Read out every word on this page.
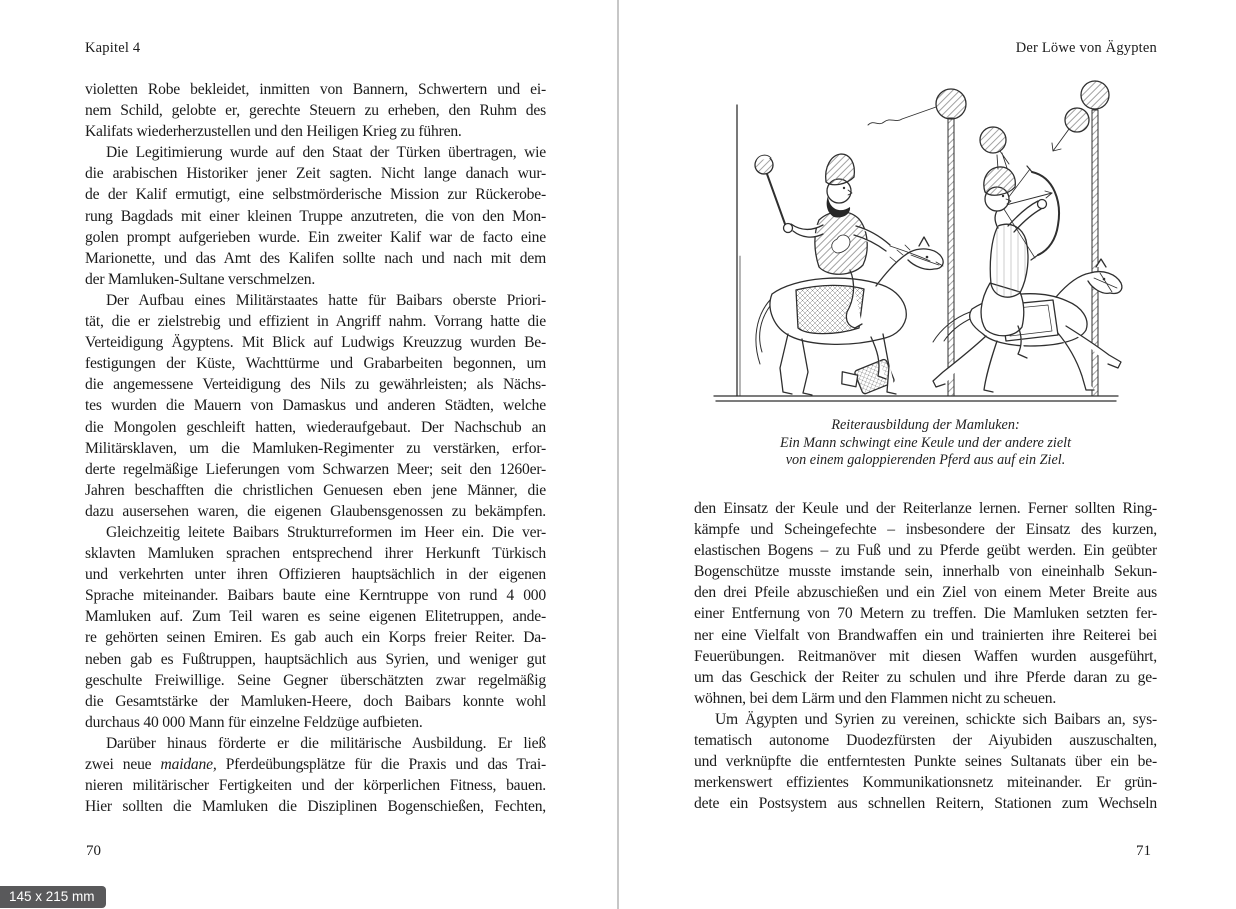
Kapitel 4
violetten Robe bekleidet, inmitten von Bannern, Schwertern und ei-
nem Schild, gelobte er, gerechte Steuern zu erheben, den Ruhm des
Kalifats wiederherzustellen und den Heiligen Krieg zu führen.
Die Legitimierung wurde auf den Staat der Türken übertragen, wie
die arabischen Historiker jener Zeit sagten. Nicht lange danach wur-
de der Kalif ermutigt, eine selbstmörderische Mission zur Rückerobe-
rung Bagdads mit einer kleinen Truppe anzutreten, die von den Mon-
golen prompt aufgerieben wurde. Ein zweiter Kalif war de facto eine
Marionette, und das Amt des Kalifen sollte nach und nach mit dem
der Mamluken-Sultane verschmelzen.
Der Aufbau eines Militärstaates hatte für Baibars oberste Priori-
tät, die er zielstrebig und effizient in Angriff nahm. Vorrang hatte die
Verteidigung Ägyptens. Mit Blick auf Ludwigs Kreuzzug wurden Be-
festigungen der Küste, Wachttürme und Grabarbeiten begonnen, um
die angemessene Verteidigung des Nils zu gewährleisten; als Nächs-
tes wurden die Mauern von Damaskus und anderen Städten, welche
die Mongolen geschleift hatten, wiederaufgebaut. Der Nachschub an
Militärsklaven, um die Mamluken-Regimenter zu verstärken, erfor-
derte regelmäßige Lieferungen vom Schwarzen Meer; seit den 1260er-
Jahren beschafften die christlichen Genuesen eben jene Männer, die
dazu ausersehen waren, die eigenen Glaubensgenossen zu bekämpfen.
Gleichzeitig leitete Baibars Strukturreformen im Heer ein. Die ver-
sklavten Mamluken sprachen entsprechend ihrer Herkunft Türkisch
und verkehrten unter ihren Offizieren hauptsächlich in der eigenen
Sprache miteinander. Baibars baute eine Kerntruppe von rund 4 000
Mamluken auf. Zum Teil waren es seine eigenen Elitetruppen, ande-
re gehörten seinen Emiren. Es gab auch ein Korps freier Reiter. Da-
neben gab es Fußtruppen, hauptsächlich aus Syrien, und weniger gut
geschulte Freiwillige. Seine Gegner überschätzten zwar regelmäßig
die Gesamtstärke der Mamluken-Heere, doch Baibars konnte wohl
durchaus 40 000 Mann für einzelne Feldzüge aufbieten.
Darüber hinaus förderte er die militärische Ausbildung. Er ließ
zwei neue maidane, Pferdeübungsplätze für die Praxis und das Trai-
nieren militärischer Fertigkeiten und der körperlichen Fitness, bauen.
Hier sollten die Mamluken die Disziplinen Bogenschießen, Fechten,
70
Der Löwe von Ägypten
Reiterausbildung der Mamluken:
Ein Mann schwingt eine Keule und der andere zielt
von einem galoppierenden Pferd aus auf ein Ziel.
den Einsatz der Keule und der Reiterlanze lernen. Ferner sollten Ring-
kämpfe und Scheingefechte – insbesondere der Einsatz des kurzen,
elastischen Bogens – zu Fuß und zu Pferde geübt werden. Ein geübter
Bogenschütze musste imstande sein, innerhalb von eineinhalb Sekun-
den drei Pfeile abzuschießen und ein Ziel von einem Meter Breite aus
einer Entfernung von 70 Metern zu treffen. Die Mamluken setzten fer-
ner eine Vielfalt von Brandwaffen ein und trainierten ihre Reiterei bei
Feuerübungen. Reitmanöver mit diesen Waffen wurden ausgeführt,
um das Geschick der Reiter zu schulen und ihre Pferde daran zu ge-
wöhnen, bei dem Lärm und den Flammen nicht zu scheuen.
Um Ägypten und Syrien zu vereinen, schickte sich Baibars an, sys-
tematisch autonome Duodezfürsten der Aiyubiden auszuschalten,
und verknüpfte die entferntesten Punkte seines Sultanats über ein be-
merkenswert effizientes Kommunikationsnetz miteinander. Er grün-
dete ein Postsystem aus schnellen Reitern, Stationen zum Wechseln
71
145 x 215 mm
